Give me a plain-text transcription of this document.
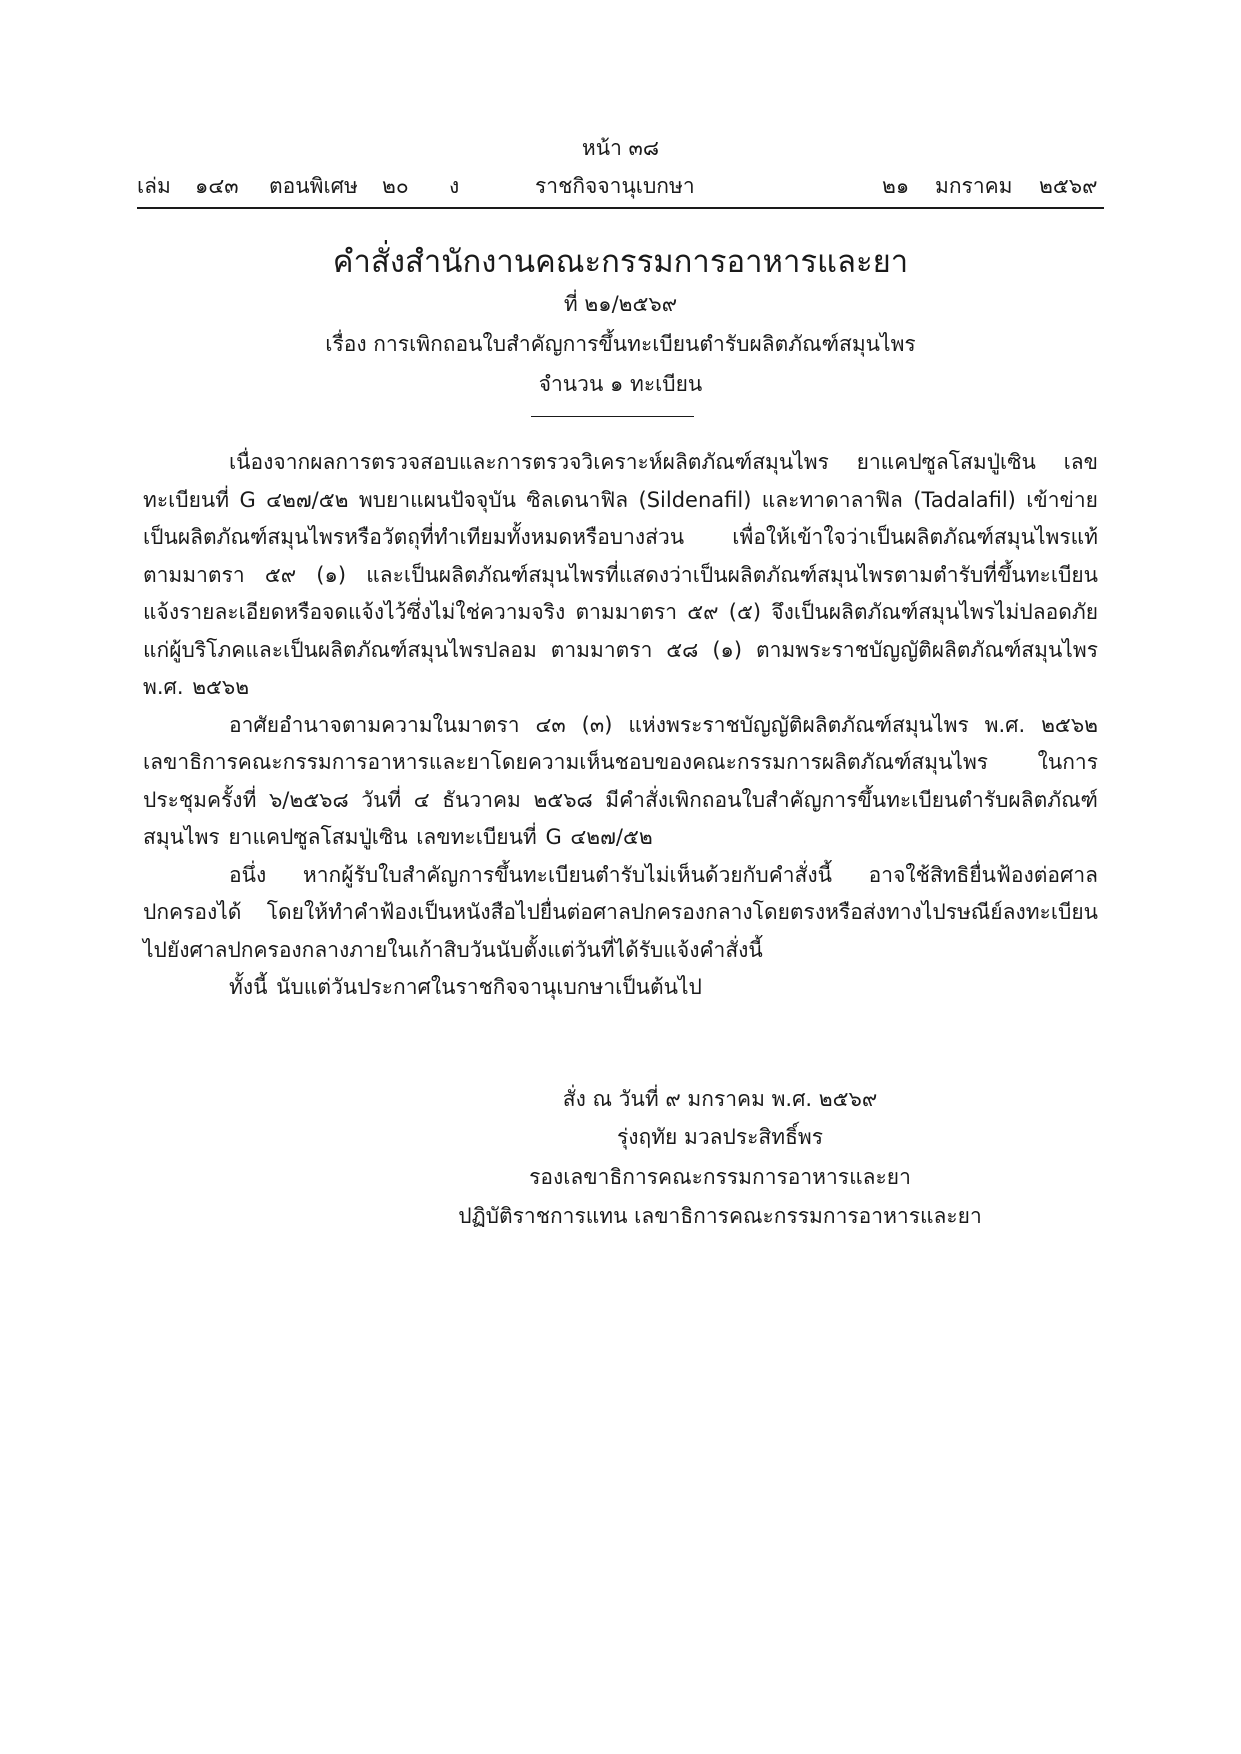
หน้า ๓๘
เล่ม ๑๔๓ ตอนพิเศษ ๒๐ ง	ราชกิจจานุเบกษา	๒๑ มกราคม ๒๕๖๙
คำสั่งสำนักงานคณะกรรมการอาหารและยา
ที่ ๒๑/๒๕๖๙
เรื่อง การเพิกถอนใบสำคัญการขึ้นทะเบียนตำรับผลิตภัณฑ์สมุนไพร
จำนวน ๑ ทะเบียน

เนื่องจากผลการตรวจสอบและการตรวจวิเคราะห์ผลิตภัณฑ์สมุนไพร ยาแคปซูลโสมปู่เซิน เลขทะเบียนที่ G ๔๒๗/๕๒ พบยาแผนปัจจุบัน ซิลเดนาฟิล (Sildenafil) และทาดาลาฟิล (Tadalafil) เข้าข่ายเป็นผลิตภัณฑ์สมุนไพรหรือวัตถุที่ทำเทียมทั้งหมดหรือบางส่วน เพื่อให้เข้าใจว่าเป็นผลิตภัณฑ์สมุนไพรแท้ ตามมาตรา ๕๙ (๑) และเป็นผลิตภัณฑ์สมุนไพรที่แสดงว่าเป็นผลิตภัณฑ์สมุนไพรตามตำรับที่ขึ้นทะเบียน แจ้งรายละเอียดหรือจดแจ้งไว้ซึ่งไม่ใช่ความจริง ตามมาตรา ๕๙ (๕) จึงเป็นผลิตภัณฑ์สมุนไพรไม่ปลอดภัยแก่ผู้บริโภคและเป็นผลิตภัณฑ์สมุนไพรปลอม ตามมาตรา ๕๘ (๑) ตามพระราชบัญญัติผลิตภัณฑ์สมุนไพร พ.ศ. ๒๕๖๒

อาศัยอำนาจตามความในมาตรา ๔๓ (๓) แห่งพระราชบัญญัติผลิตภัณฑ์สมุนไพร พ.ศ. ๒๕๖๒ เลขาธิการคณะกรรมการอาหารและยาโดยความเห็นชอบของคณะกรรมการผลิตภัณฑ์สมุนไพร ในการประชุมครั้งที่ ๖/๒๕๖๘ วันที่ ๔ ธันวาคม ๒๕๖๘ มีคำสั่งเพิกถอนใบสำคัญการขึ้นทะเบียนตำรับผลิตภัณฑ์สมุนไพร ยาแคปซูลโสมปู่เซิน เลขทะเบียนที่ G ๔๒๗/๕๒

อนึ่ง หากผู้รับใบสำคัญการขึ้นทะเบียนตำรับไม่เห็นด้วยกับคำสั่งนี้ อาจใช้สิทธิยื่นฟ้องต่อศาลปกครองได้ โดยให้ทำคำฟ้องเป็นหนังสือไปยื่นต่อศาลปกครองกลางโดยตรงหรือส่งทางไปรษณีย์ลงทะเบียนไปยังศาลปกครองกลางภายในเก้าสิบวันนับตั้งแต่วันที่ได้รับแจ้งคำสั่งนี้

ทั้งนี้ นับแต่วันประกาศในราชกิจจานุเบกษาเป็นต้นไป

สั่ง ณ วันที่ ๙ มกราคม พ.ศ. ๒๕๖๙
รุ่งฤทัย มวลประสิทธิ์พร
รองเลขาธิการคณะกรรมการอาหารและยา
ปฏิบัติราชการแทน เลขาธิการคณะกรรมการอาหารและยา
